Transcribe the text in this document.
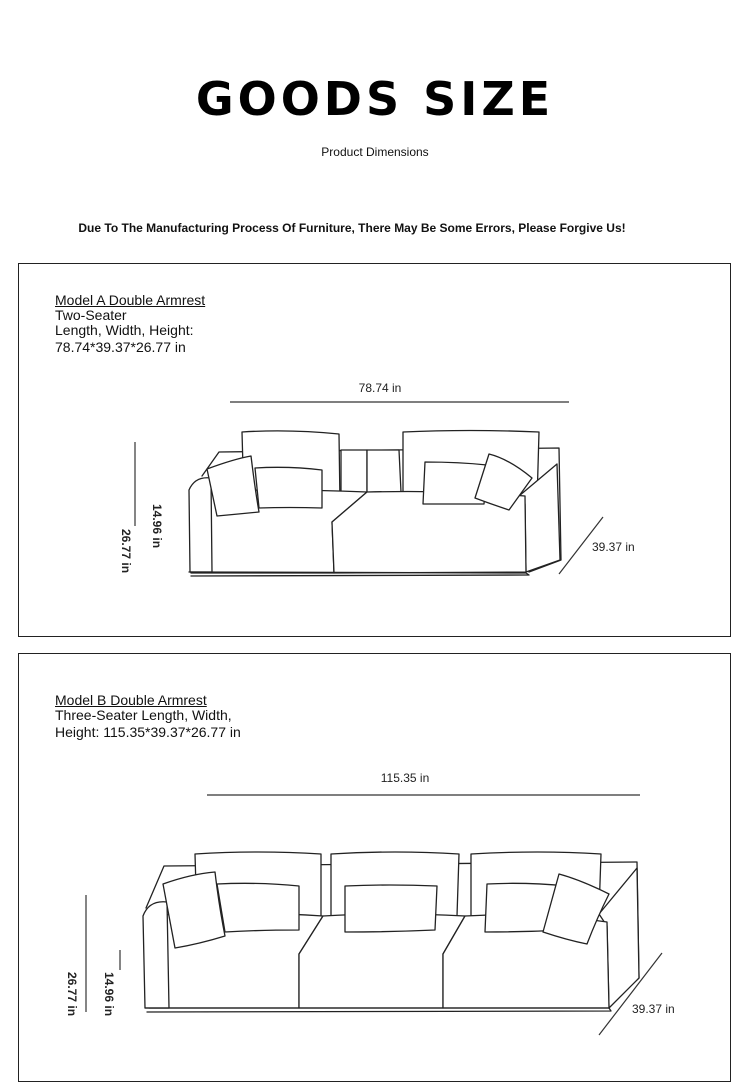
GOODS SIZE
Product Dimensions
Due To The Manufacturing Process Of Furniture, There May Be Some Errors, Please Forgive Us!
Model A Double Armrest
Two-Seater
Length, Width, Height:
78.74*39.37*26.77 in
78.74 in
26.77 in
14.96 in	39.37 in
Model B Double Armrest
Three-Seater Length, Width,
Height: 115.35*39.37*26.77 in
115.35 in
26.77 in 14.96 in	39.37 in
